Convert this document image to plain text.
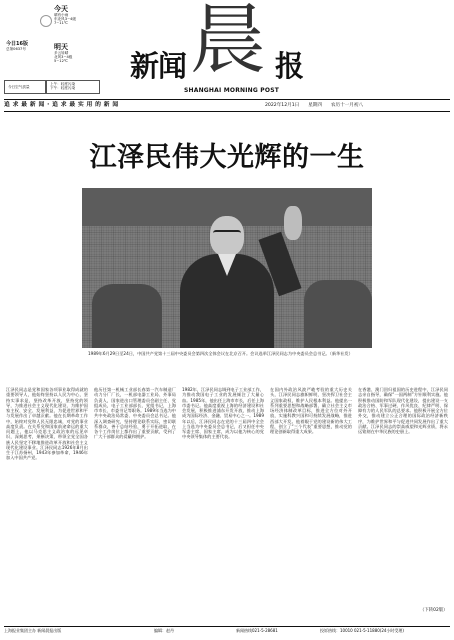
今天
晴有小雨
东北风3~4级
7~11℃
明天
多云转晴
北风3~4级
5~12℃
今日16版
总第0637号
今日空气质量
上午：轻度污染
下午：轻度污染
新闻 晨 报
SHANGHAI MORNING POST
追 求 最 新 闻 · 追 求 最 实 用 的 新 闻	2022年12月1日 星期四 农历十一月初八
江泽民伟大光辉的一生
1989年6月29日至24日，中国共产党第十三届中央委员会第四次全体会议在北京召开。会议选举江泽民同志为中央委员会总书记。（新华社发）
江泽民同志是党和国家各项事业取得成就的重要领导人，他始终坚持以人民为中心，坚持实事求是，坚持改革开放，坚持党的领导，为推进社会主义现代化建设，为维护国家主权、安全、发展利益，为促进世界和平与发展作出了卓越贡献。他在长期革命工作中，始终对党和人民无限忠诚，对党的事业高度负责。在关系党和国家前途命运的重大问题上，他以马克思主义政治家的远见卓识，深刻思考，果断决策，带领全党全国各族人民坚定不移地推进改革开放和社会主义现代化建设事业。江泽民同志1926年8月出生于江苏扬州，1943年参加革命，1946年加入中国共产党。
他历任第一机械工业部长春第一汽车制造厂动力分厂厂长，一机部电器工业局、外事局负责人，国家进出口管理委员会副主任、党组成员，电子工业部部长、党组书记，上海市市长、市委书记等职务。1989年当选为中共中央政治局常委、中央委员会总书记。他深入调查研究，坚持理论联系实际，密切联系群众，善于总结经验，勇于开拓进取，在各个工作岗位上都作出了重要贡献，受到了广大干部群众的爱戴和拥护。
1982年，江泽民同志调到电子工业部工作，为推动我国电子工业的发展倾注了大量心血。1985年，他出任上海市市长，后任上海市委书记。他高度重视上海的经济建设和社会发展，积极推进浦东开发开放，推动上海成为国际经济、金融、贸易中心之一。1989年以后，江泽民同志在党的十三届四中全会上当选为中央委员会总书记，后又担任中央军委主席、国家主席，成为以他为核心的党中央领导集体的主要代表。
在国内外政治风波严峻考验的重大历史关头，江泽民同志旗帜鲜明，坚决捍卫社会主义国家政权，维护人民根本利益。他提出一系列重要思想和战略部署，确立社会主义市场经济体制改革目标，推进全方位对外开放，实施科教兴国和可持续发展战略，推进西部大开发。他着眼于党的建设新的伟大工程，创立了“三个代表”重要思想，推动党的理论创新取得重大成果。
在香港、澳门回归祖国的历史进程中，江泽民同志亲自指导，确保“一国两制”方针顺利实施。他积极推动国防和军队现代化建设，提出建设一支政治合格、军事过硬、作风优良、纪律严明、保障有力的人民军队的总要求。他积极开展全方位外交，推动建立公正合理的国际政治经济新秩序，为维护世界和平与促进共同发展作出了重大贡献。江泽民同志的崇高威望和光辉业绩，将永远铭刻在中华民族的史册上。
（下转02版）
上海报业集团主办 新闻晨报出版	编辑：赵丹	新闻热线021-5-28681	投诉热线：10010 021-5-11880(24小时受理)
